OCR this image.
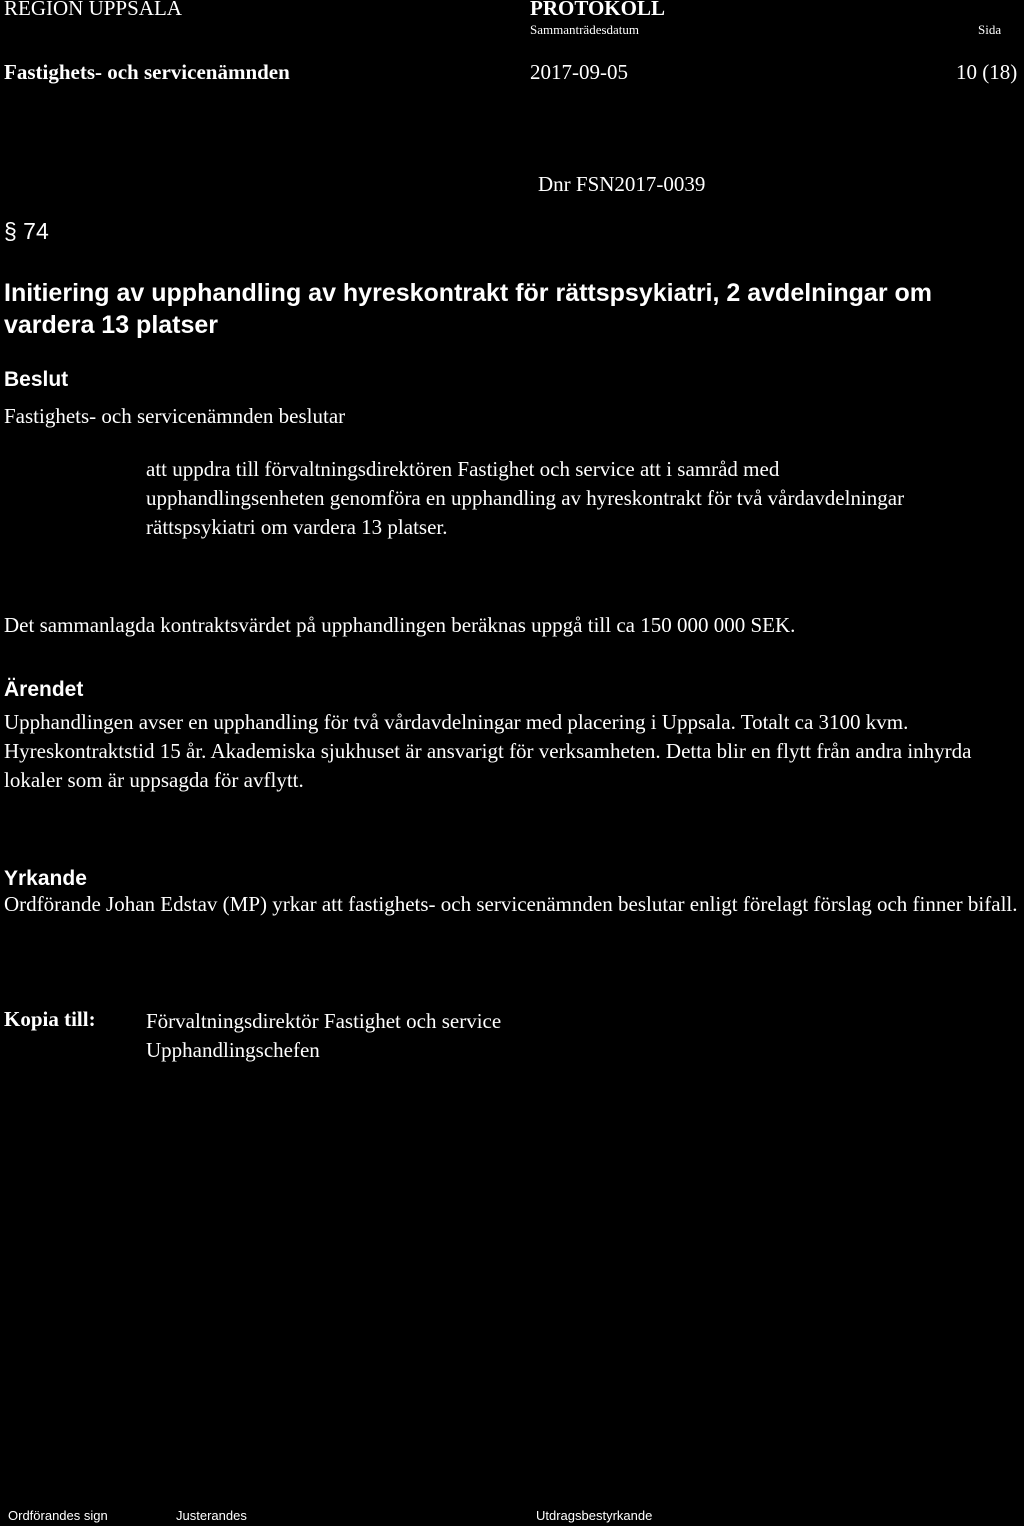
REGION UPPSALA	PROTOKOLL
Sammanträdesdatum	Sida
Fastighets- och servicenämnden	2017-09-05	10 (18)
Dnr FSN2017-0039
§ 74
Initiering av upphandling av hyreskontrakt för rättspsykiatri, 2 avdelningar om vardera 13 platser
Beslut
Fastighets- och servicenämnden beslutar
att uppdra till förvaltningsdirektören Fastighet och service att i samråd med upphandlingsenheten genomföra en upphandling av hyreskontrakt för två vårdavdelningar rättspsykiatri om vardera 13 platser.
Det sammanlagda kontraktsvärdet på upphandlingen beräknas uppgå till ca 150 000 000 SEK.
Ärendet
Upphandlingen avser en upphandling för två vårdavdelningar med placering i Uppsala. Totalt ca 3100 kvm. Hyreskontraktstid 15 år. Akademiska sjukhuset är ansvarigt för verksamheten. Detta blir en flytt från andra inhyrda lokaler som är uppsagda för avflytt.
Yrkande
Ordförande Johan Edstav (MP) yrkar att fastighets- och servicenämnden beslutar enligt förelagt förslag och finner bifall.
Kopia till: Förvaltningsdirektör Fastighet och service
Upphandlingschefen
Ordförandes sign	Justerandes	Utdragsbestyrkande
